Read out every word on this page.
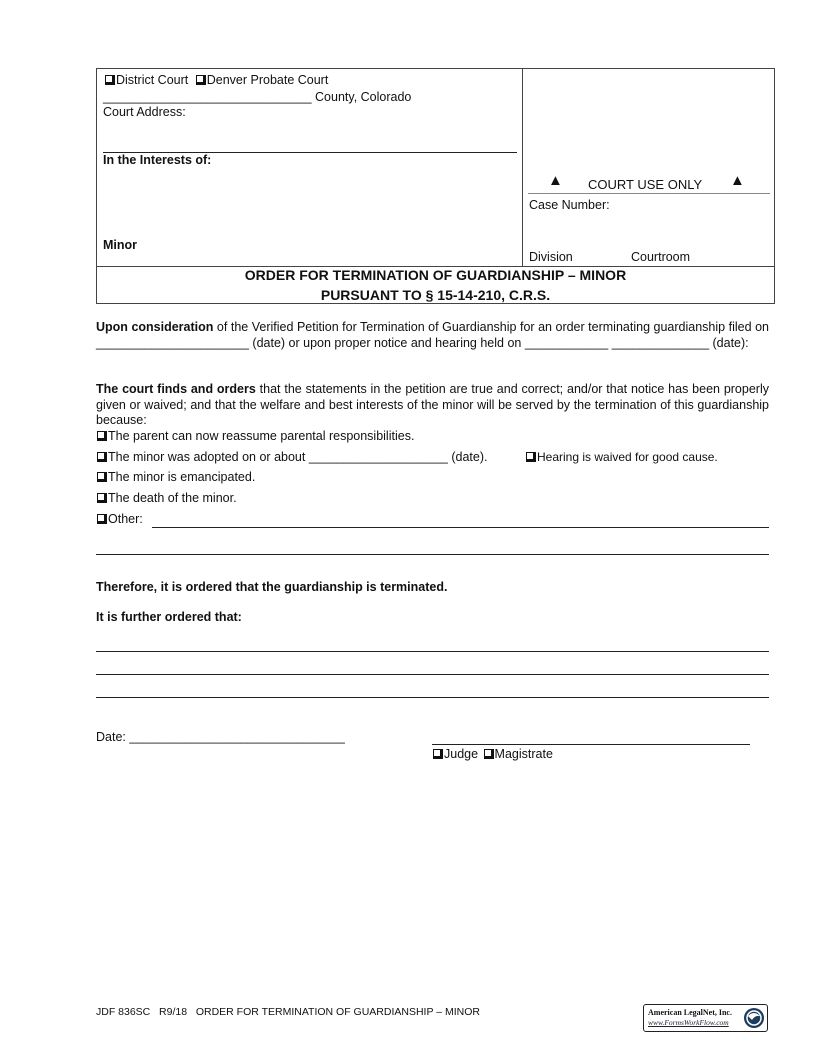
District Court Denver Probate Court
______________________________ County, Colorado
Court Address:
In the Interests of:
Minor
▲ COURT USE ONLY ▲
Case Number:
Division	Courtroom
ORDER FOR TERMINATION OF GUARDIANSHIP – MINOR
PURSUANT TO § 15-14-210, C.R.S.
Upon consideration of the Verified Petition for Termination of Guardianship for an order terminating guardianship filed on ______________________ (date) or upon proper notice and hearing held on ____________ ______________ (date):
The court finds and orders that the statements in the petition are true and correct; and/or that notice has been properly given or waived; and that the welfare and best interests of the minor will be served by the termination of this guardianship because:
The parent can now reassume parental responsibilities.
The minor was adopted on or about ____________________ (date).	Hearing is waived for good cause.
The minor is emancipated.
The death of the minor.
Other:
Therefore, it is ordered that the guardianship is terminated.
It is further ordered that:
Date: _______________________________
Judge Magistrate
JDF 836SC R9/18 ORDER FOR TERMINATION OF GUARDIANSHIP – MINOR	American LegalNet, Inc.
www.FormsWorkFlow.com
